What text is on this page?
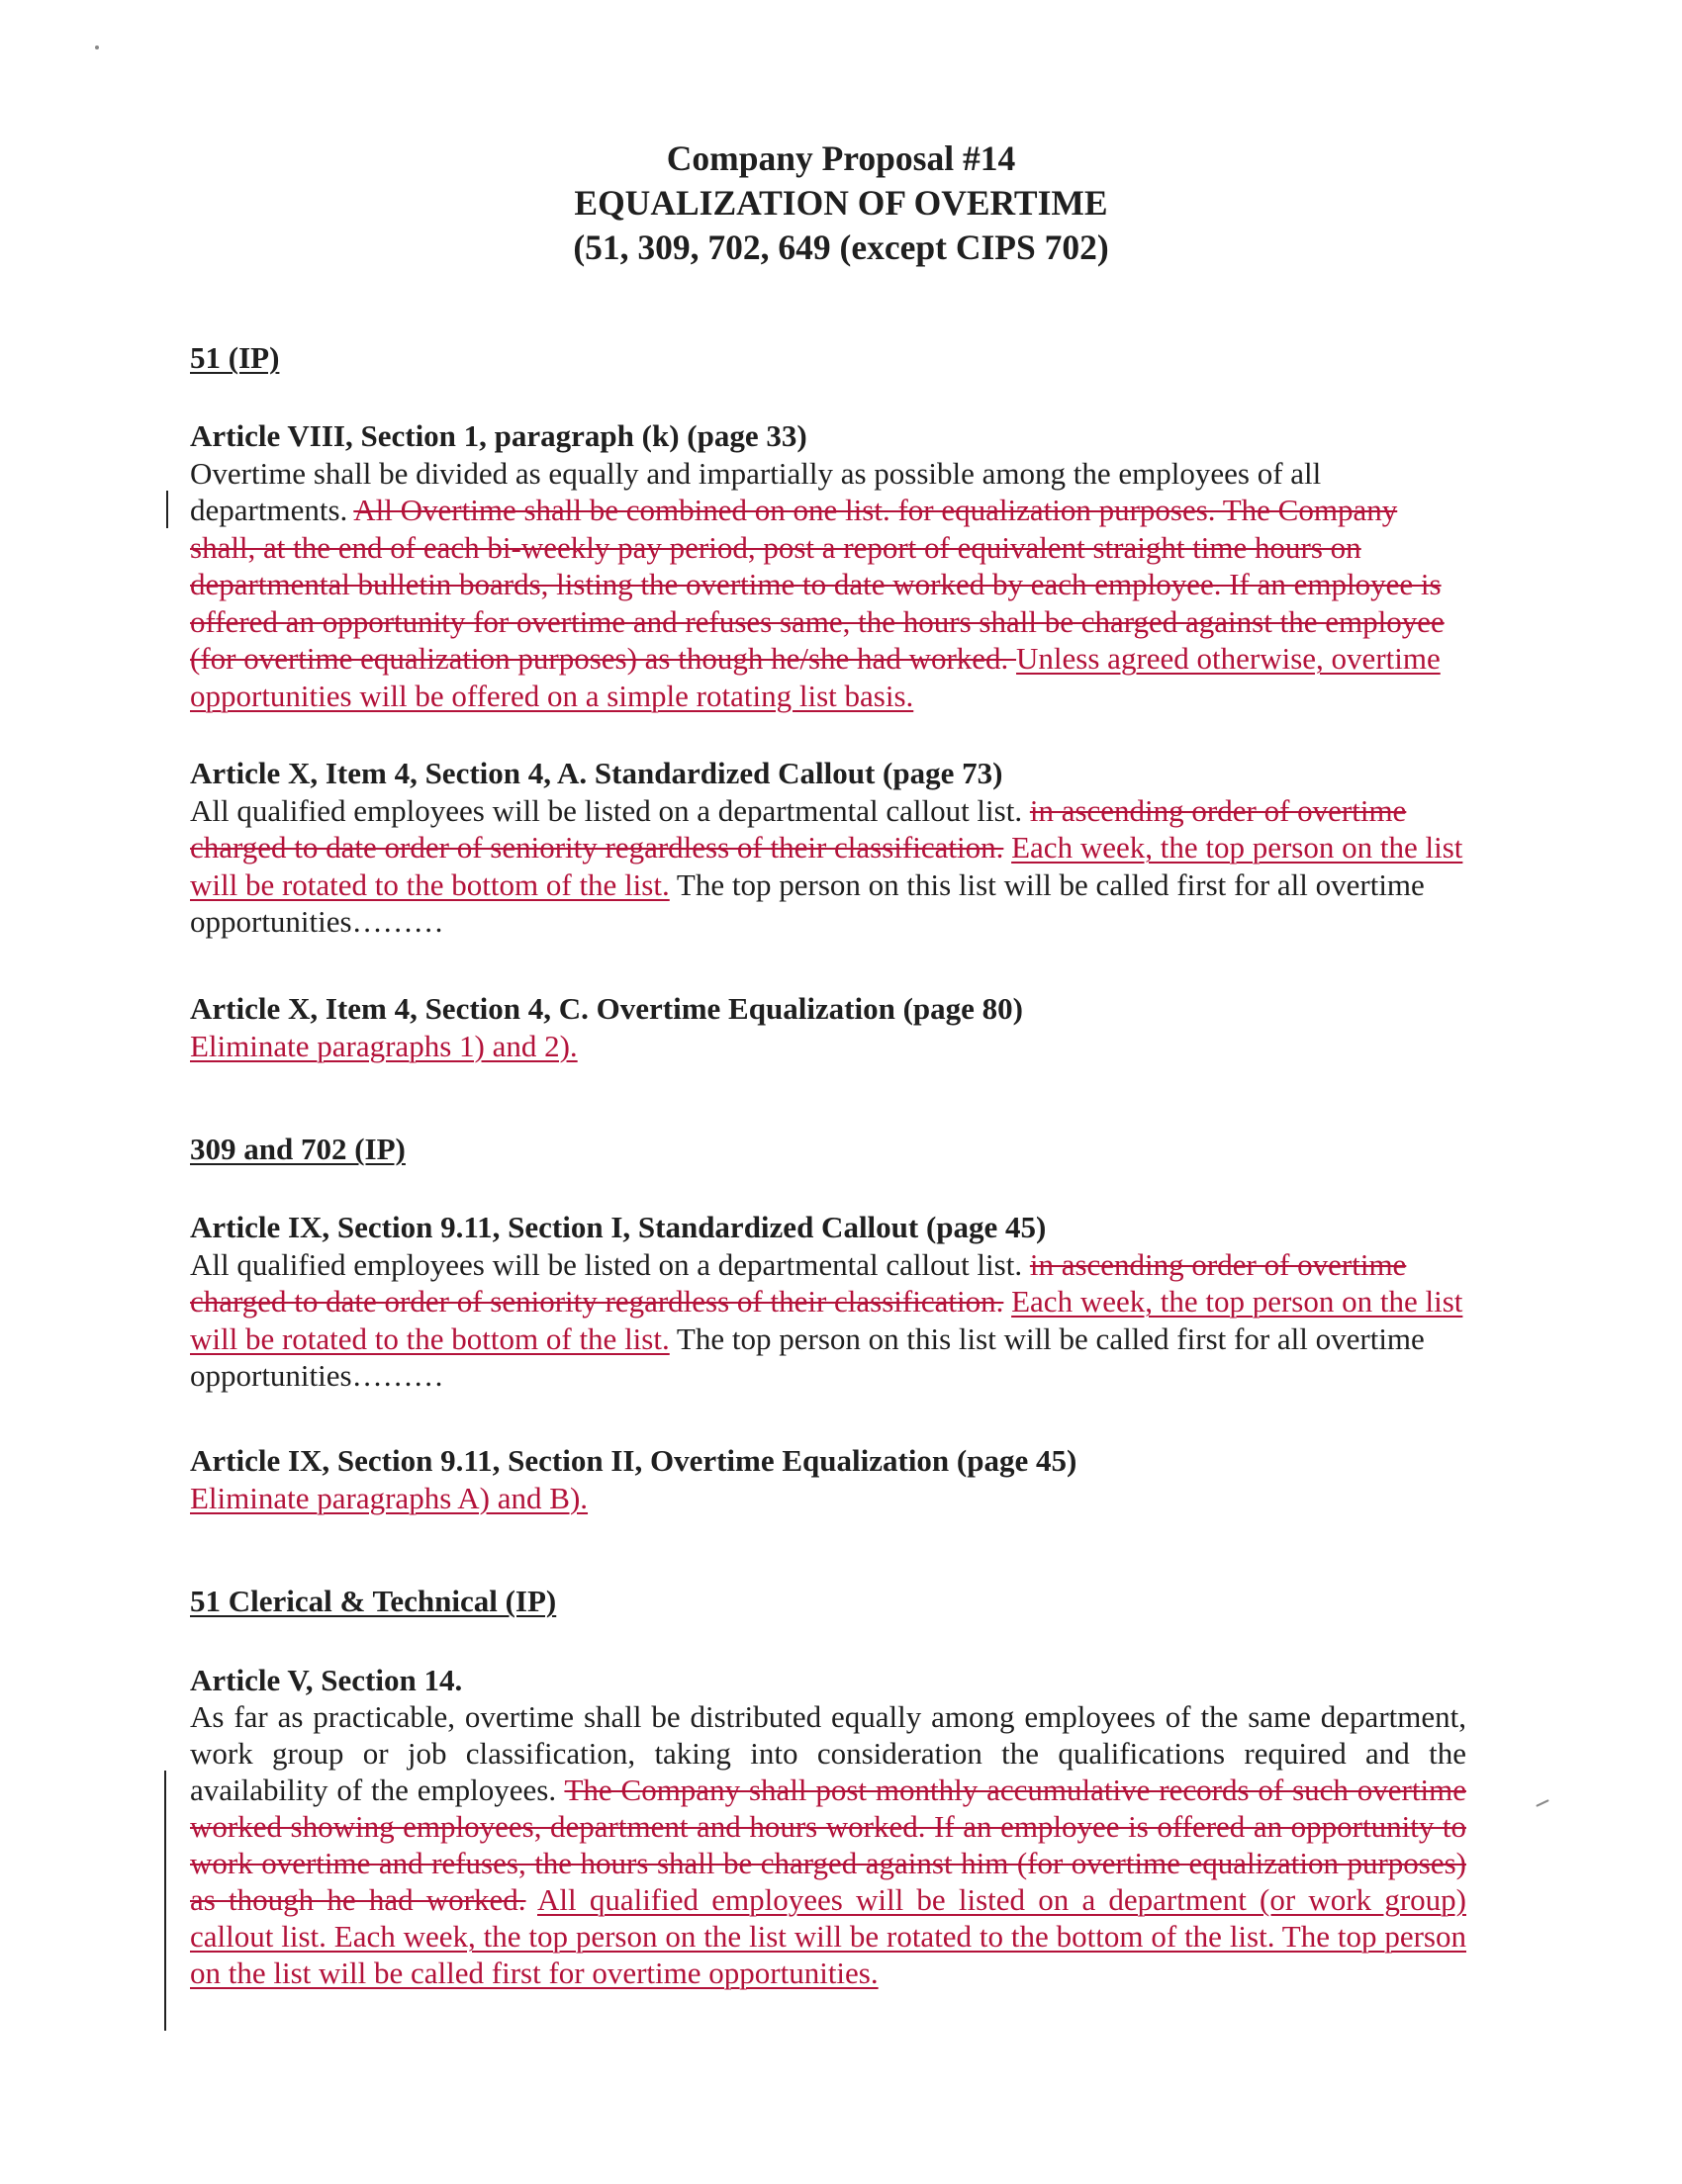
Company Proposal #14
EQUALIZATION OF OVERTIME
(51, 309, 702, 649 (except CIPS 702)
51 (IP)
Article VIII, Section 1, paragraph (k) (page 33)
Overtime shall be divided as equally and impartially as possible among the employees of all departments. All Overtime shall be combined on one list. for equalization purposes. The Company shall, at the end of each bi-weekly pay period, post a report of equivalent straight time hours on departmental bulletin boards, listing the overtime to date worked by each employee. If an employee is offered an opportunity for overtime and refuses same, the hours shall be charged against the employee (for overtime equalization purposes) as though he/she had worked. Unless agreed otherwise, overtime opportunities will be offered on a simple rotating list basis.
Article X, Item 4, Section 4, A. Standardized Callout (page 73)
All qualified employees will be listed on a departmental callout list. in ascending order of overtime charged to date order of seniority regardless of their classification. Each week, the top person on the list will be rotated to the bottom of the list. The top person on this list will be called first for all overtime opportunities………
Article X, Item 4, Section 4, C. Overtime Equalization (page 80)
Eliminate paragraphs 1) and 2).
309 and 702 (IP)
Article IX, Section 9.11, Section I, Standardized Callout (page 45)
All qualified employees will be listed on a departmental callout list. in ascending order of overtime charged to date order of seniority regardless of their classification. Each week, the top person on the list will be rotated to the bottom of the list. The top person on this list will be called first for all overtime opportunities………
Article IX, Section 9.11, Section II, Overtime Equalization (page 45)
Eliminate paragraphs A) and B).
51 Clerical & Technical (IP)
Article V, Section 14.
As far as practicable, overtime shall be distributed equally among employees of the same department, work group or job classification, taking into consideration the qualifications required and the availability of the employees. The Company shall post monthly accumulative records of such overtime worked showing employees, department and hours worked. If an employee is offered an opportunity to work overtime and refuses, the hours shall be charged against him (for overtime equalization purposes) as though he had worked. All qualified employees will be listed on a department (or work group) callout list. Each week, the top person on the list will be rotated to the bottom of the list. The top person on the list will be called first for overtime opportunities.
